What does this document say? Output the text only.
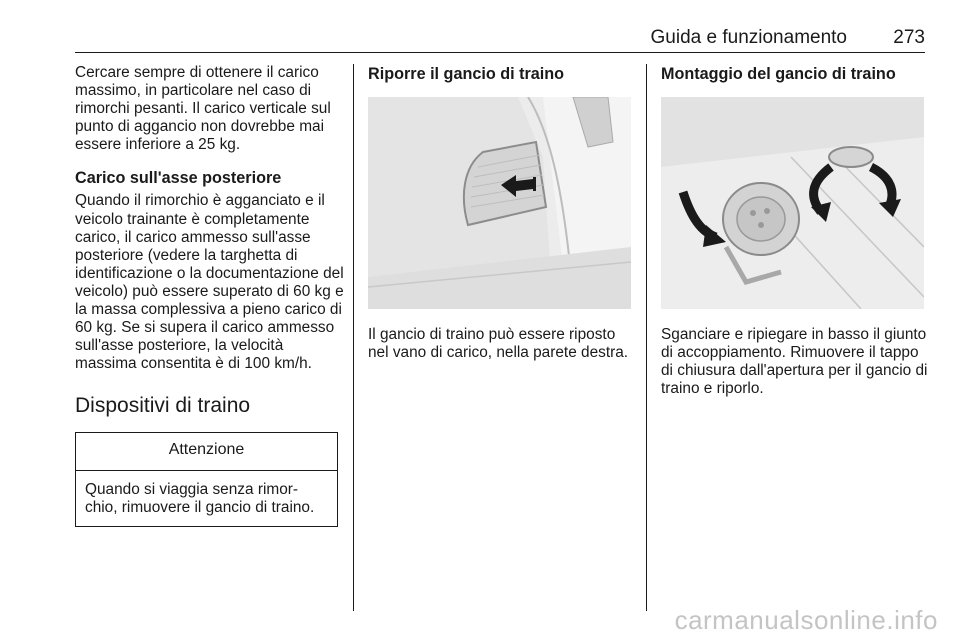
Guida e funzionamento 273

Cercare sempre di ottenere il carico massimo, in particolare nel caso di rimorchi pesanti. Il carico verticale sul punto di aggancio non dovrebbe mai essere inferiore a 25 kg.

Carico sull'asse posteriore

Quando il rimorchio è agganciato e il veicolo trainante è completamente carico, il carico ammesso sull'asse posteriore (vedere la targhetta di identificazione o la documentazione del veicolo) può essere superato di 60 kg e la massa complessiva a pieno carico di 60 kg. Se si supera il carico ammesso sull'asse posteriore, la velocità massima consentita è di 100 km/h.

Dispositivi di traino
Attenzione
Quando si viaggia senza rimor-chio, rimuovere il gancio di traino.
Riporre il gancio di traino

Il gancio di traino può essere riposto nel vano di carico, nella parete destra.

Montaggio del gancio di traino

Sganciare e ripiegare in basso il giunto di accoppiamento. Rimuovere il tappo di chiusura dall'apertura per il gancio di traino e riporlo.

carmanualsonline.info
